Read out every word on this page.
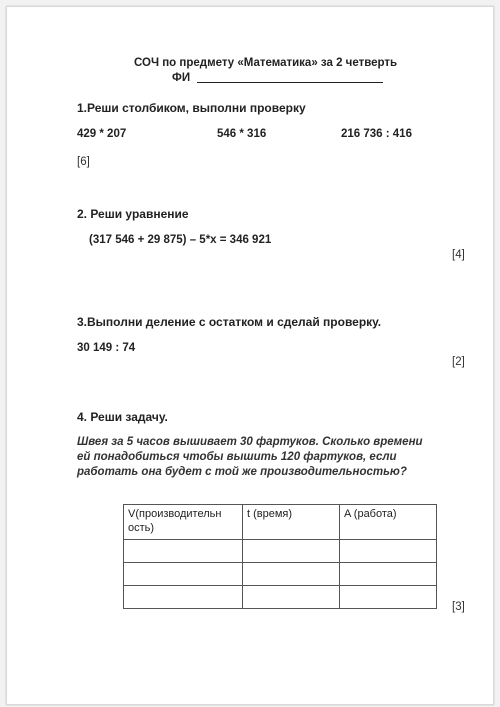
СОЧ по предмету «Математика» за 2 четверть
ФИ
1.Реши столбиком, выполни проверку
429 * 207	546 * 316	216 736 : 416
[6]
2. Реши уравнение
(317 546 + 29 875) – 5*х = 346 921
[4]
3.Выполни деление с остатком и сделай проверку.
30 149 : 74
[2]
4. Реши задачу.
Швея за 5 часов вышивает 30 фартуков. Сколько времени ей понадобиться чтобы вышить 120 фартуков, если работать она будет с той же производительностью?
V(производительн ость)	t (время)	A (работа)

[3]
